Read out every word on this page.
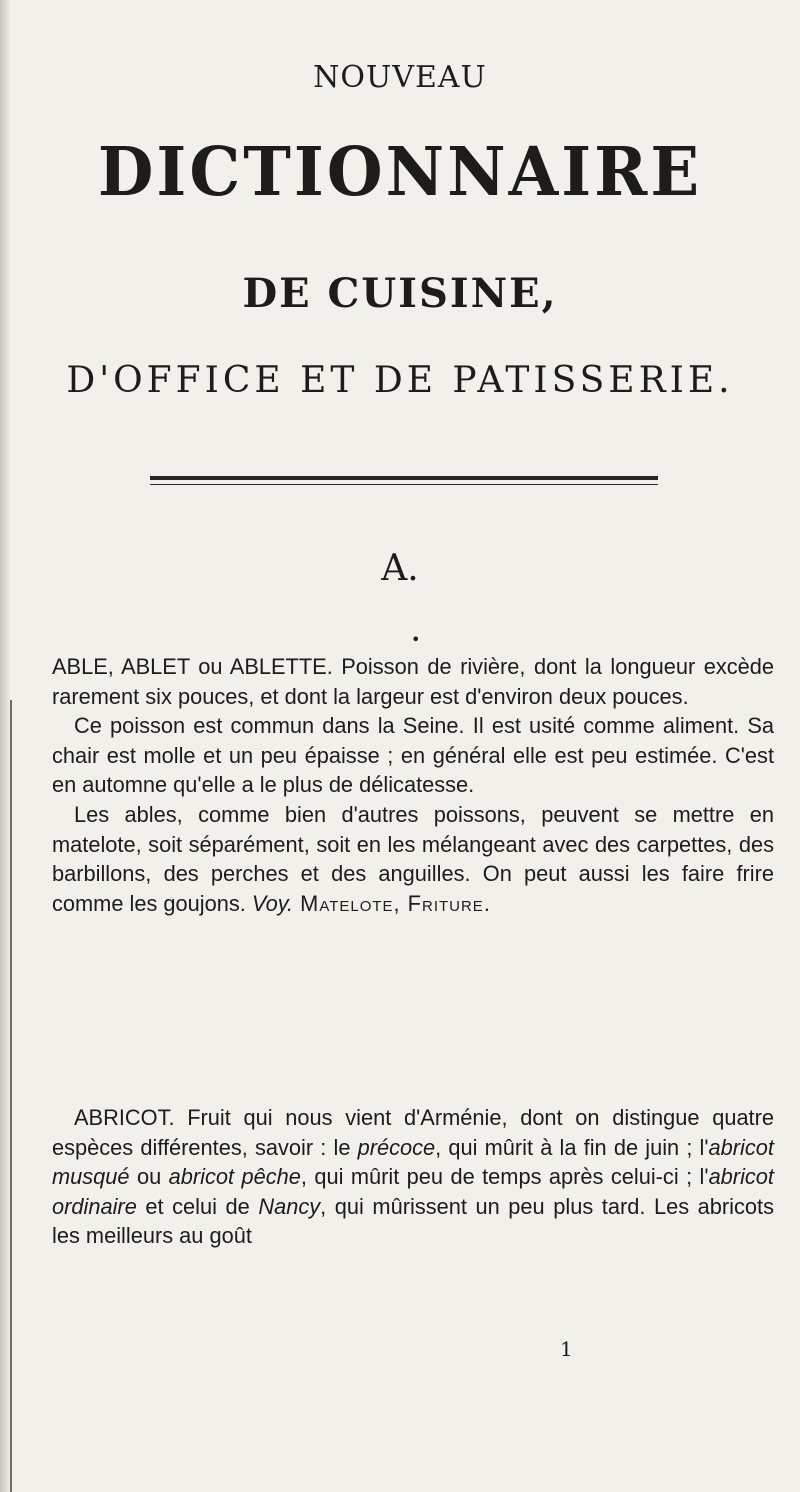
NOUVEAU
DICTIONNAIRE
DE CUISINE,
D'OFFICE ET DE PATISSERIE.
A.
•

ABLE, ABLET ou ABLETTE. Poisson de rivière, dont la longueur excède rarement six pouces, et dont la largeur est d'environ deux pouces.

Ce poisson est commun dans la Seine. Il est usité comme aliment. Sa chair est molle et un peu épaisse ; en général elle est peu estimée. C'est en automne qu'elle a le plus de délicatesse.

Les ables, comme bien d'autres poissons, peuvent se mettre en matelote, soit séparément, soit en les mélangeant avec des carpettes, des barbillons, des perches et des anguilles. On peut aussi les faire frire comme les goujons. Voy. Matelote, Friture.

ABRICOT. Fruit qui nous vient d'Arménie, dont on distingue quatre espèces différentes, savoir : le précoce, qui mûrit à la fin de juin ; l'abricot musqué ou abricot pêche, qui mûrit peu de temps après celui-ci ; l'abricot ordinaire et celui de Nancy, qui mûrissent un peu plus tard. Les abricots les meilleurs au goût

1
